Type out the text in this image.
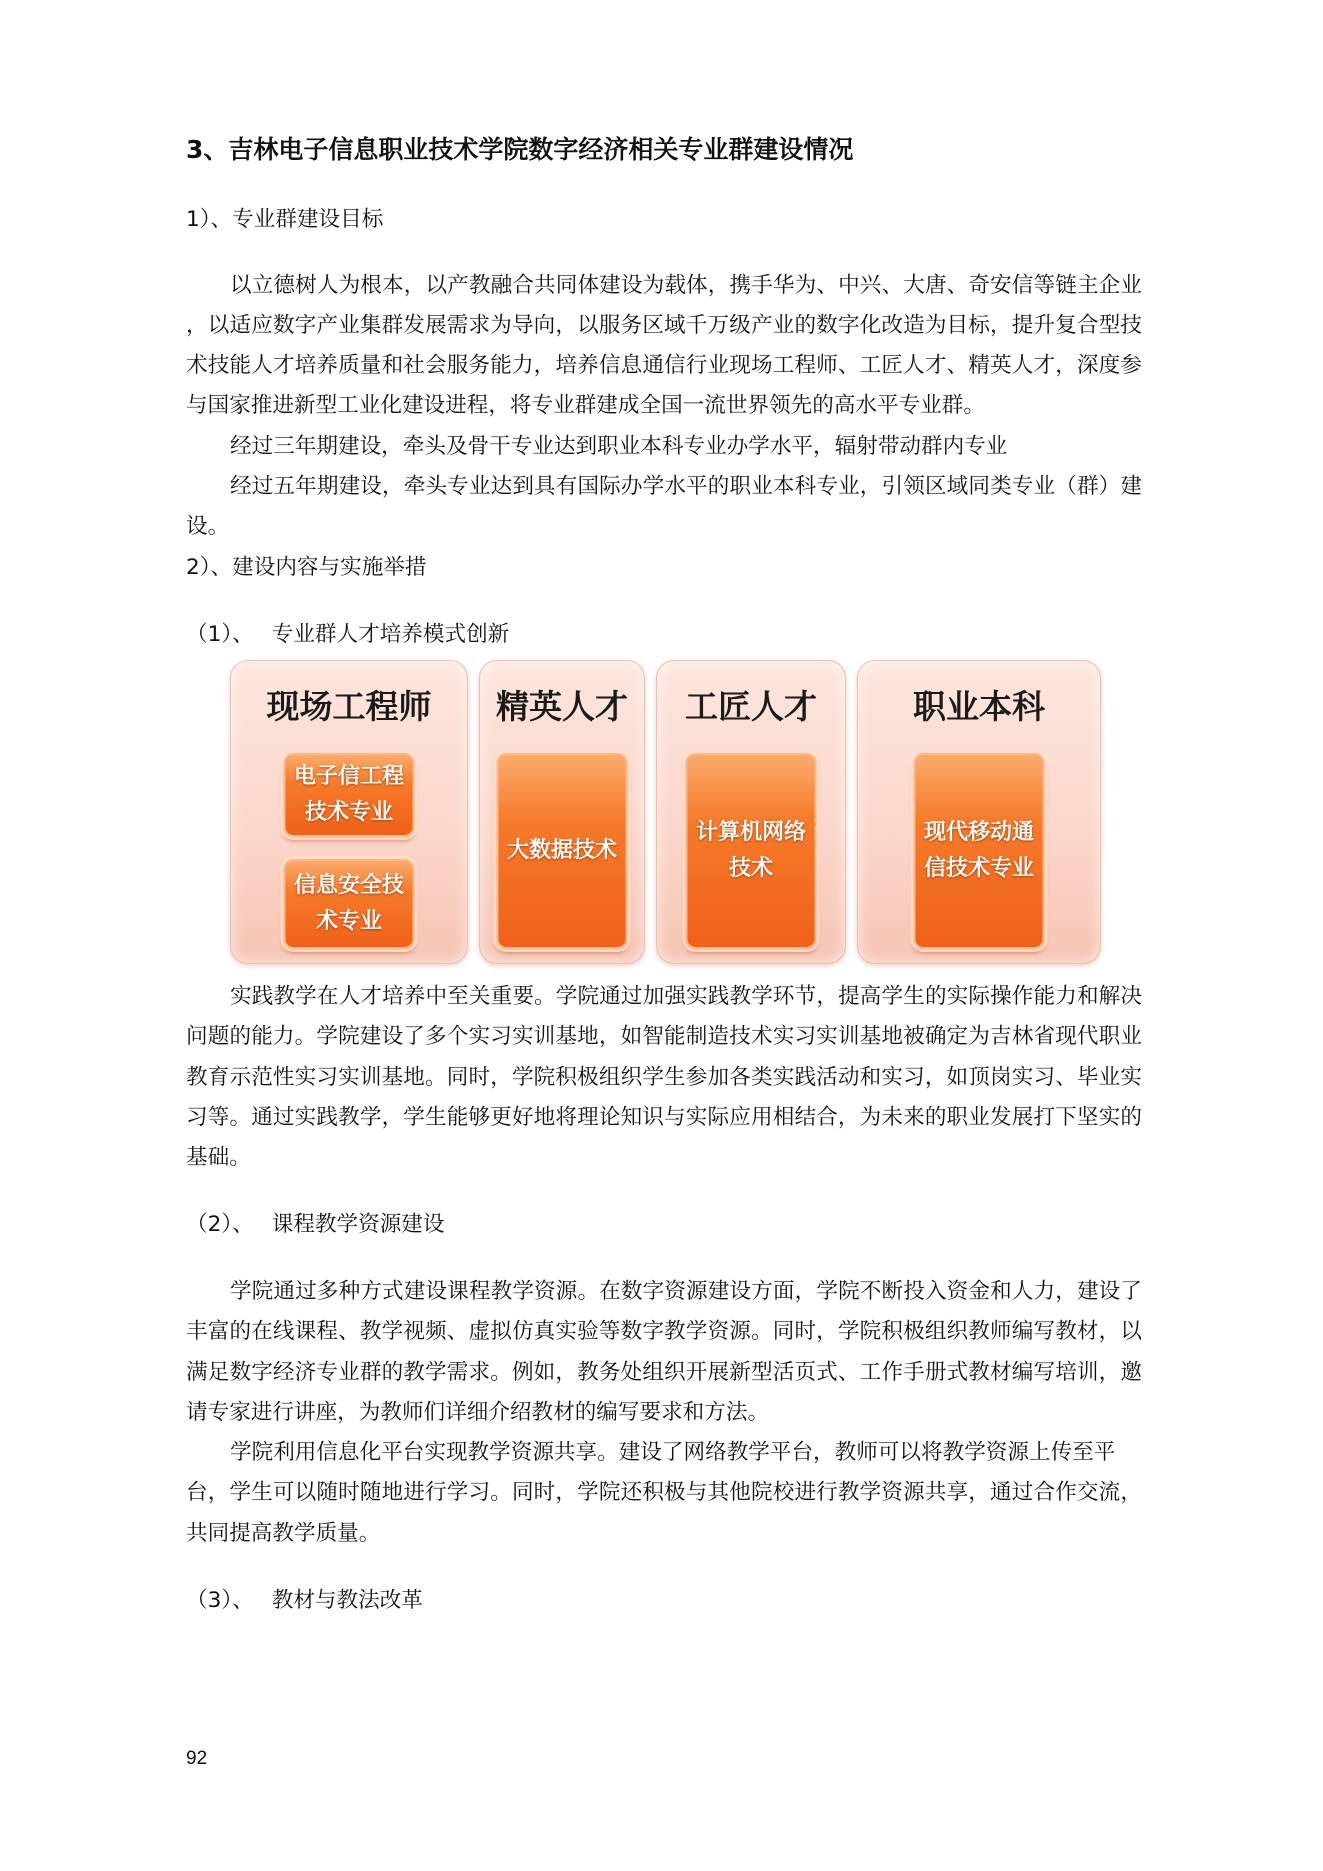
3、吉林电子信息职业技术学院数字经济相关专业群建设情况
1）、专业群建设目标
以立德树人为根本，以产教融合共同体建设为载体，携手华为、中兴、大唐、奇安信等链主企业
，以适应数字产业集群发展需求为导向，以服务区域千万级产业的数字化改造为目标，提升复合型技
术技能人才培养质量和社会服务能力，培养信息通信行业现场工程师、工匠人才、精英人才，深度参
与国家推进新型工业化建设进程，将专业群建成全国一流世界领先的高水平专业群。
经过三年期建设，牵头及骨干专业达到职业本科专业办学水平，辐射带动群内专业
经过五年期建设，牵头专业达到具有国际办学水平的职业本科专业，引领区域同类专业（群）建
设。
2）、建设内容与实施举措
（1）、 专业群人才培养模式创新
现场工程师
电子信工程
技术专业
信息安全技
术专业
精英人才
大数据技术
工匠人才
计算机网络
技术
职业本科
现代移动通
信技术专业
实践教学在人才培养中至关重要。学院通过加强实践教学环节，提高学生的实际操作能力和解决
问题的能力。学院建设了多个实习实训基地，如智能制造技术实习实训基地被确定为吉林省现代职业
教育示范性实习实训基地。同时，学院积极组织学生参加各类实践活动和实习，如顶岗实习、毕业实
习等。通过实践教学，学生能够更好地将理论知识与实际应用相结合，为未来的职业发展打下坚实的
基础。
（2）、 课程教学资源建设
学院通过多种方式建设课程教学资源。在数字资源建设方面，学院不断投入资金和人力，建设了
丰富的在线课程、教学视频、虚拟仿真实验等数字教学资源。同时，学院积极组织教师编写教材，以
满足数字经济专业群的教学需求。例如，教务处组织开展新型活页式、工作手册式教材编写培训，邀
请专家进行讲座，为教师们详细介绍教材的编写要求和方法。
学院利用信息化平台实现教学资源共享。建设了网络教学平台，教师可以将教学资源上传至平
台，学生可以随时随地进行学习。同时，学院还积极与其他院校进行教学资源共享，通过合作交流，
共同提高教学质量。
（3）、 教材与教法改革
92
